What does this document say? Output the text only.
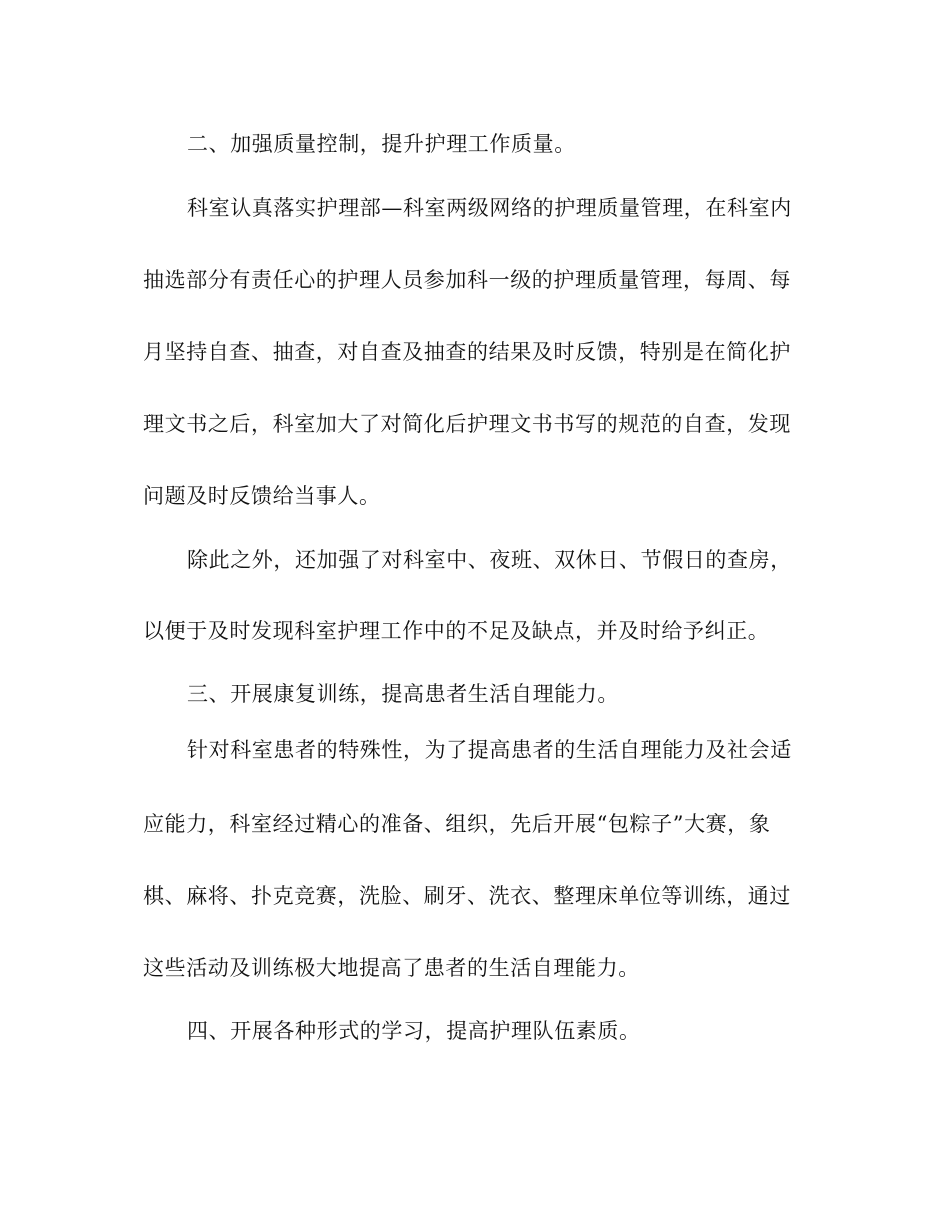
二、加强质量控制，提升护理工作质量。
科室认真落实护理部—科室两级网络的护理质量管理，在科室内
抽选部分有责任心的护理人员参加科一级的护理质量管理，每周、每
月坚持自查、抽查，对自查及抽查的结果及时反馈，特别是在简化护
理文书之后，科室加大了对简化后护理文书书写的规范的自查，发现
问题及时反馈给当事人。
除此之外，还加强了对科室中、夜班、双休日、节假日的查房，
以便于及时发现科室护理工作中的不足及缺点，并及时给予纠正。
三、开展康复训练，提高患者生活自理能力。
针对科室患者的特殊性，为了提高患者的生活自理能力及社会适
应能力，科室经过精心的准备、组织，先后开展“包粽子”大赛，象
棋、麻将、扑克竞赛，洗脸、刷牙、洗衣、整理床单位等训练，通过
这些活动及训练极大地提高了患者的生活自理能力。
四、开展各种形式的学习，提高护理队伍素质。
